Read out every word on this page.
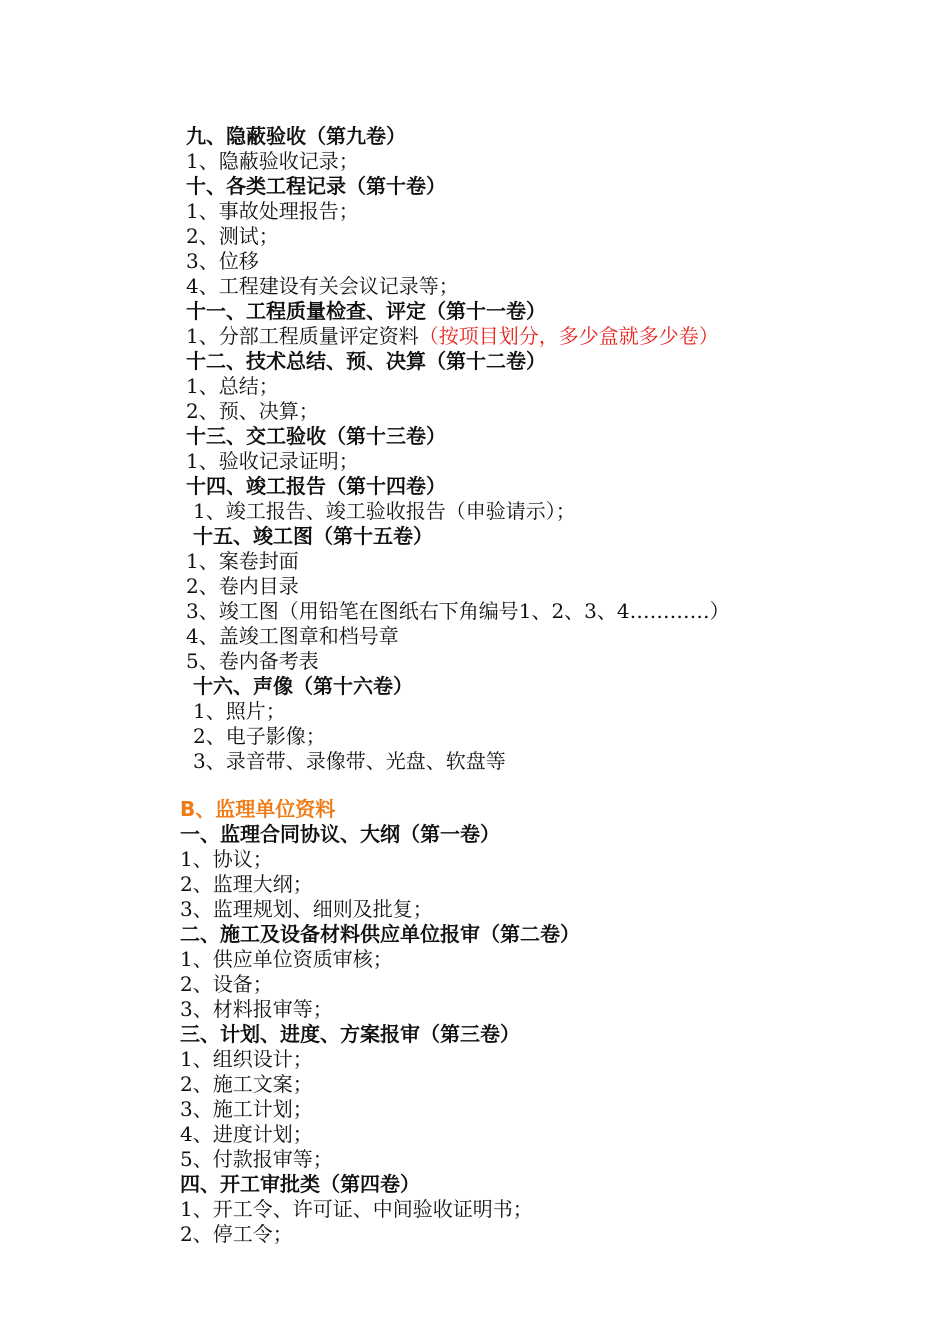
九、隐蔽验收（第九卷）
1、隐蔽验收记录；
十、各类工程记录（第十卷）
1、事故处理报告；
2、测试；
3、位移
4、工程建设有关会议记录等；
十一、工程质量检查、评定（第十一卷）
1、分部工程质量评定资料（按项目划分，多少盒就多少卷）
十二、技术总结、预、决算（第十二卷）
1、总结；
2、预、决算；
十三、交工验收（第十三卷）
1、验收记录证明；
十四、竣工报告（第十四卷）
1、竣工报告、竣工验收报告（申验请示）；
十五、竣工图（第十五卷）
1、案卷封面
2、卷内目录
3、竣工图（用铅笔在图纸右下角编号1、2、3、4…………）
4、盖竣工图章和档号章
5、卷内备考表
十六、声像（第十六卷）
1、照片；
2、电子影像；
3、录音带、录像带、光盘、软盘等
B、监理单位资料
一、监理合同协议、大纲（第一卷）
1、协议；
2、监理大纲；
3、监理规划、细则及批复；
二、施工及设备材料供应单位报审（第二卷）
1、供应单位资质审核；
2、设备；
3、材料报审等；
三、计划、进度、方案报审（第三卷）
1、组织设计；
2、施工文案；
3、施工计划；
4、进度计划；
5、付款报审等；
四、开工审批类（第四卷）
1、开工令、许可证、中间验收证明书；
2、停工令；
